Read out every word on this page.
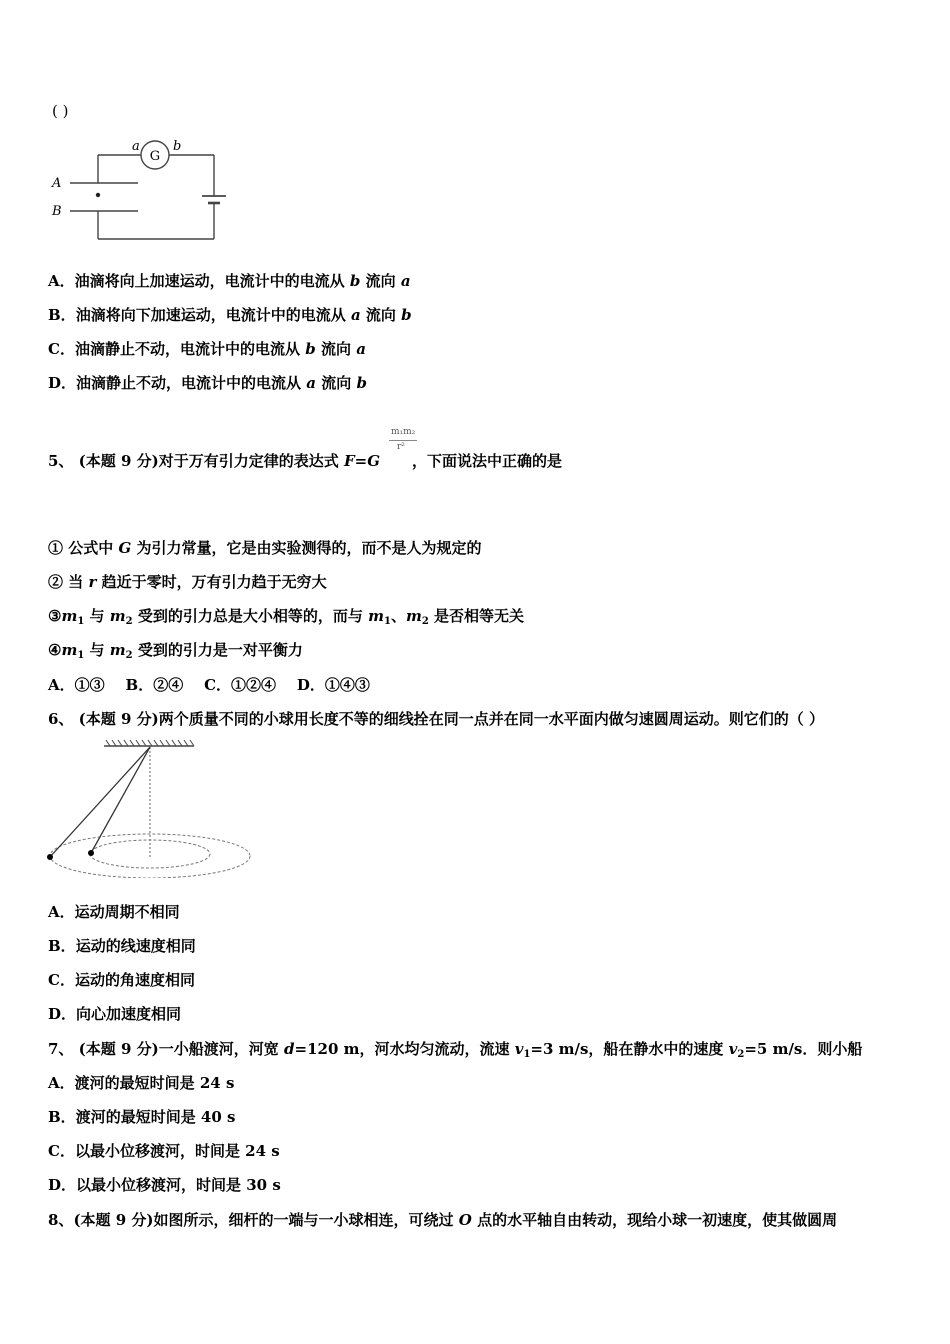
( )
G
a	b
A
B
A．油滴将向上加速运动，电流计中的电流从 b 流向 a
B．油滴将向下加速运动，电流计中的电流从 a 流向 b
C．油滴静止不动，电流计中的电流从 b 流向 a
D．油滴静止不动，电流计中的电流从 a 流向 b
m₁m₂
r²
5、 (本题 9 分)对于万有引力定律的表达式 F=G ，下面说法中正确的是
① 公式中 G 为引力常量，它是由实验测得的，而不是人为规定的
② 当 r 趋近于零时，万有引力趋于无穷大
$③m_1$ 与 $m_2$ 受到的引力总是大小相等的，而与 $m_1$、$m_2$ 是否相等无关
$④m_1$ 与 $m_2$ 受到的引力是一对平衡力
A．①③    B．②④    C．①②④    D．①④③
6、 (本题 9 分)两个质量不同的小球用长度不等的细线拴在同一点并在同一水平面内做匀速圆周运动。则它们的（ ）
A．运动周期不相同
B．运动的线速度相同
C．运动的角速度相同
D．向心加速度相同
7、 (本题 9 分)一小船渡河，河宽 d=120 m，河水均匀流动，流速 $v_1=3$ m/s，船在静水中的速度 $v_2=5$ m/s．则小船
A．渡河的最短时间是 24 s
B．渡河的最短时间是 40 s
C．以最小位移渡河，时间是 24 s
D．以最小位移渡河，时间是 30 s
8、(本题 9 分)如图所示，细杆的一端与一小球相连，可绕过 O 点的水平轴自由转动，现给小球一初速度，使其做圆周
